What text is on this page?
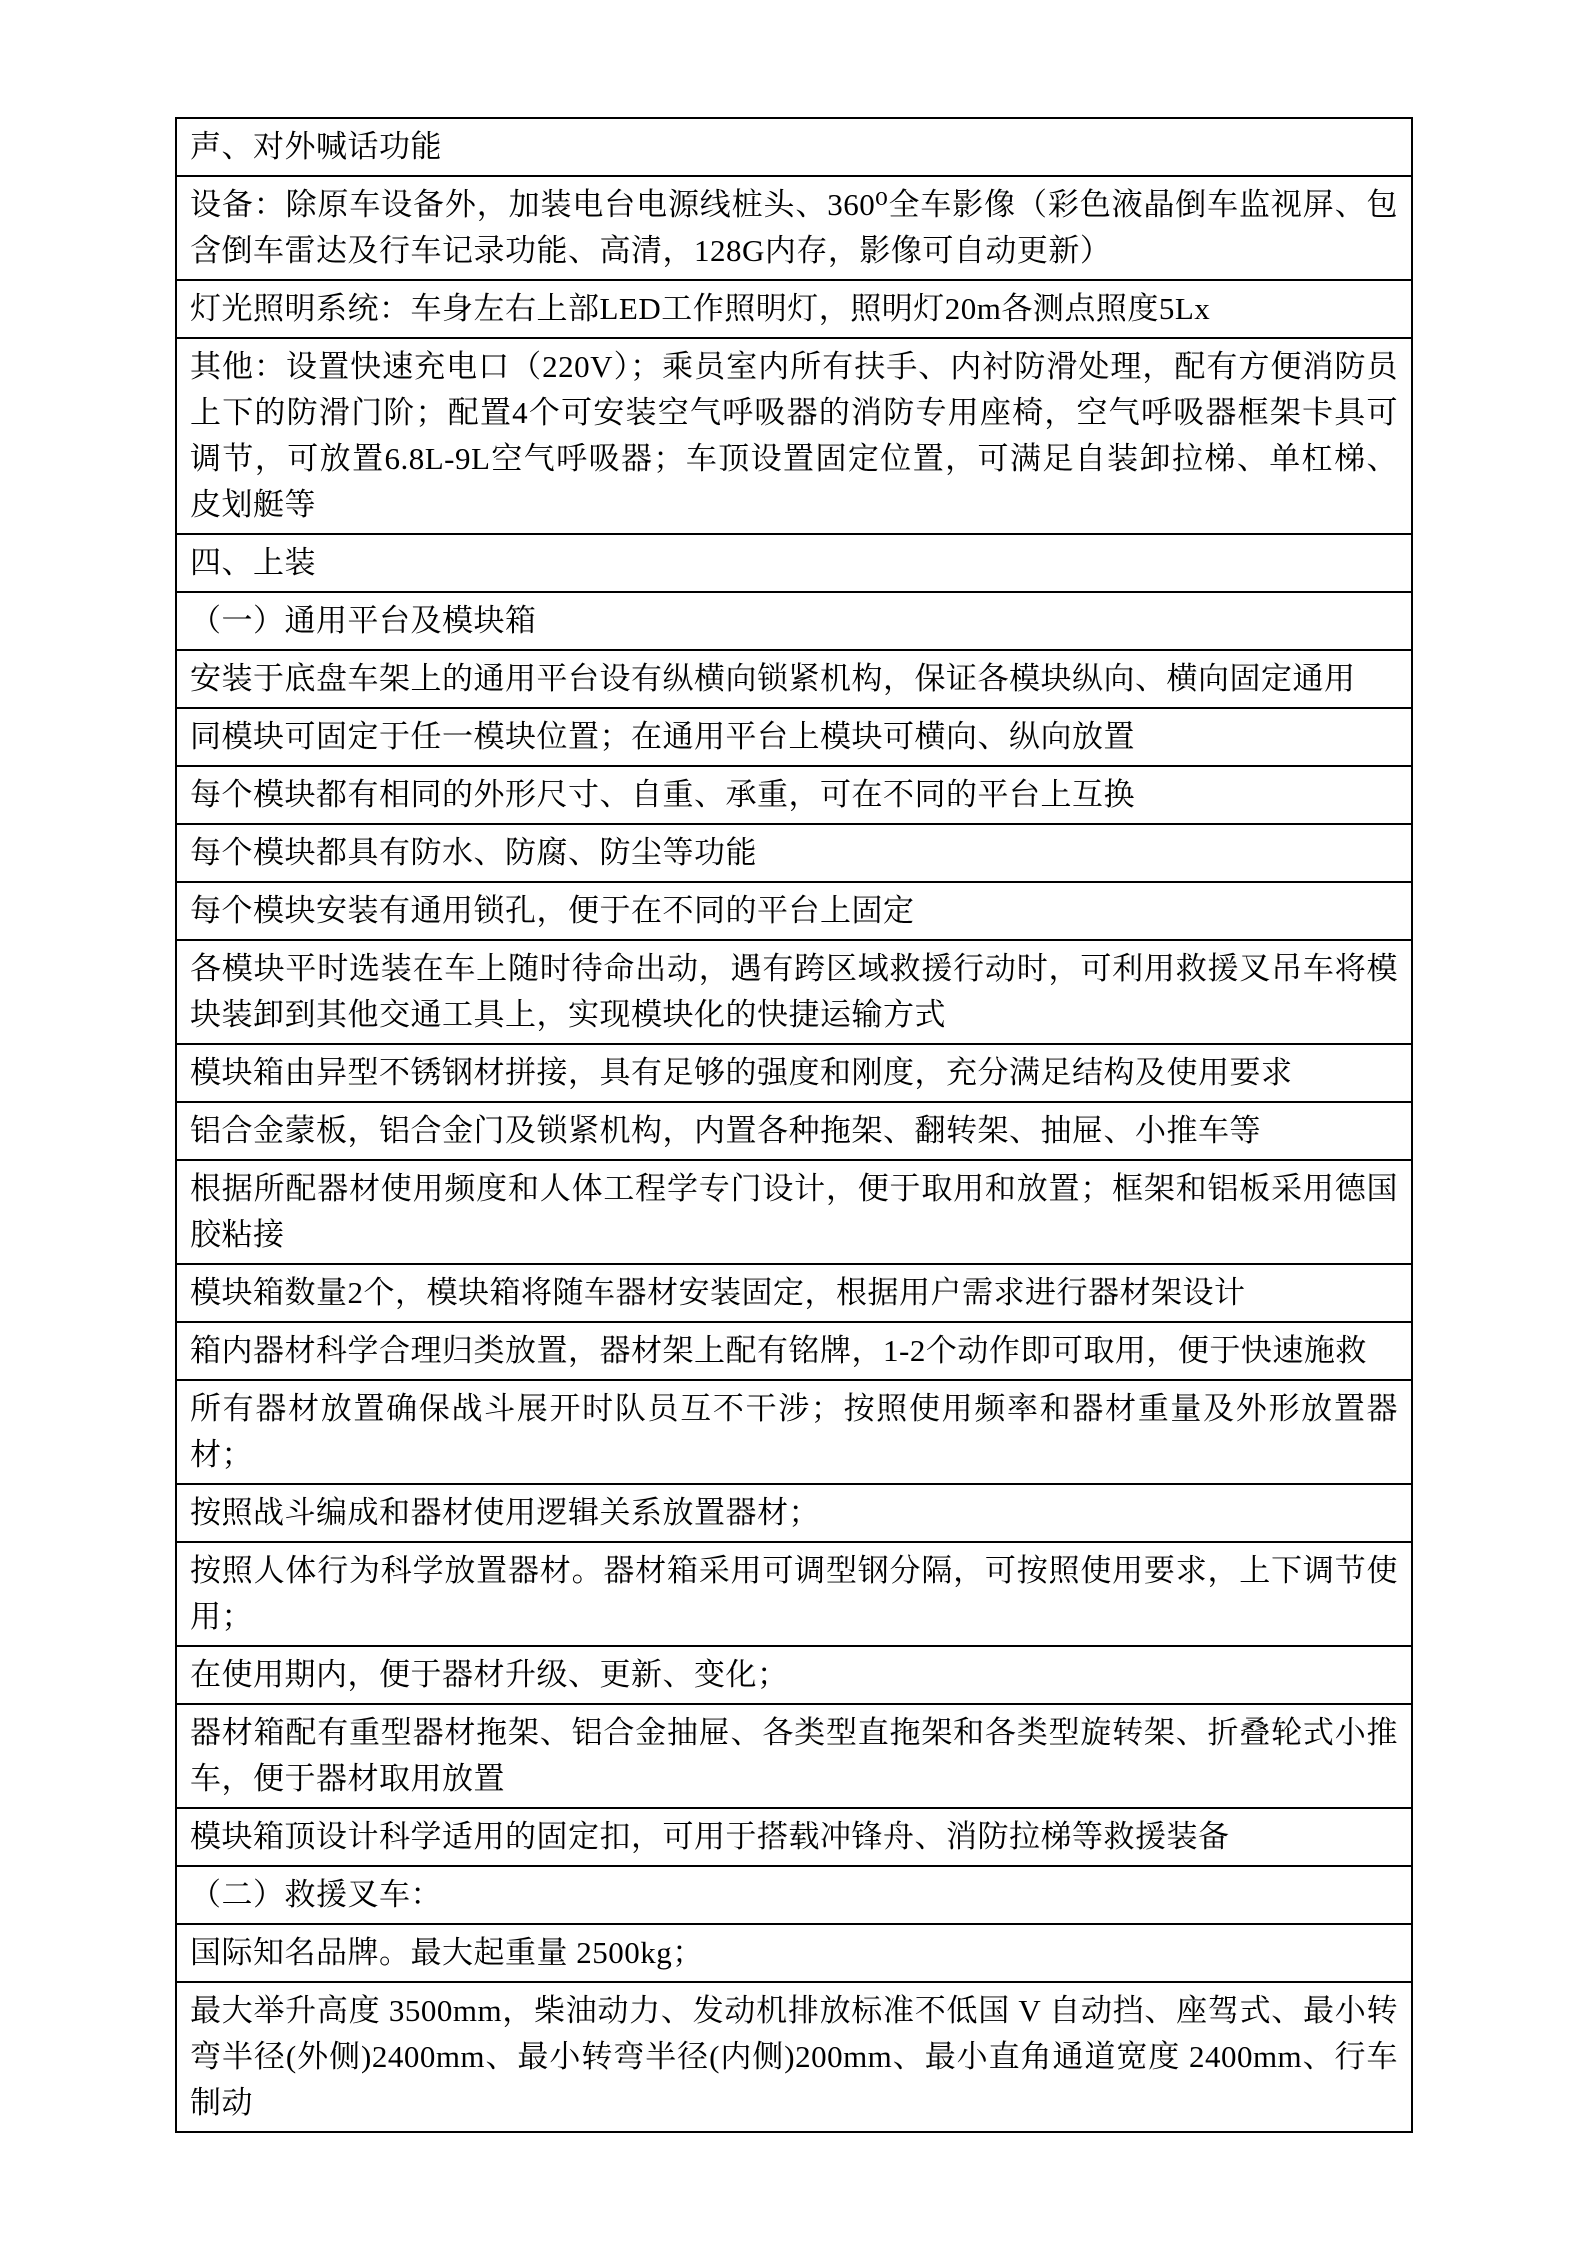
声、对外喊话功能
设备：除原车设备外，加装电台电源线桩头、360⁰全车影像（彩色液晶倒车监视屏、包含倒车雷达及行车记录功能、高清，128G内存，影像可自动更新）
灯光照明系统：车身左右上部LED工作照明灯，照明灯20m各测点照度5Lx
其他：设置快速充电口（220V）；乘员室内所有扶手、内衬防滑处理，配有方便消防员上下的防滑门阶；配置4个可安装空气呼吸器的消防专用座椅，空气呼吸器框架卡具可调节，可放置6.8L-9L空气呼吸器；车顶设置固定位置，可满足自装卸拉梯、单杠梯、皮划艇等
四、上装
（一）通用平台及模块箱
安装于底盘车架上的通用平台设有纵横向锁紧机构，保证各模块纵向、横向固定通用
同模块可固定于任一模块位置；在通用平台上模块可横向、纵向放置
每个模块都有相同的外形尺寸、自重、承重，可在不同的平台上互换
每个模块都具有防水、防腐、防尘等功能
每个模块安装有通用锁孔，便于在不同的平台上固定
各模块平时选装在车上随时待命出动，遇有跨区域救援行动时，可利用救援叉吊车将模块装卸到其他交通工具上，实现模块化的快捷运输方式
模块箱由异型不锈钢材拼接，具有足够的强度和刚度，充分满足结构及使用要求
铝合金蒙板，铝合金门及锁紧机构，内置各种拖架、翻转架、抽屉、小推车等
根据所配器材使用频度和人体工程学专门设计，便于取用和放置；框架和铝板采用德国胶粘接
模块箱数量2个，模块箱将随车器材安装固定，根据用户需求进行器材架设计
箱内器材科学合理归类放置，器材架上配有铭牌，1-2个动作即可取用，便于快速施救
所有器材放置确保战斗展开时队员互不干涉；按照使用频率和器材重量及外形放置器材；
按照战斗编成和器材使用逻辑关系放置器材；
按照人体行为科学放置器材。器材箱采用可调型钢分隔，可按照使用要求，上下调节使用；
在使用期内，便于器材升级、更新、变化；
器材箱配有重型器材拖架、铝合金抽屉、各类型直拖架和各类型旋转架、折叠轮式小推车，便于器材取用放置
模块箱顶设计科学适用的固定扣，可用于搭载冲锋舟、消防拉梯等救援装备
（二）救援叉车：
国际知名品牌。最大起重量 2500kg；
最大举升高度 3500mm，柴油动力、发动机排放标准不低国 V 自动挡、座驾式、最小转弯半径(外侧)2400mm、最小转弯半径(内侧)200mm、最小直角通道宽度 2400mm、行车制动
